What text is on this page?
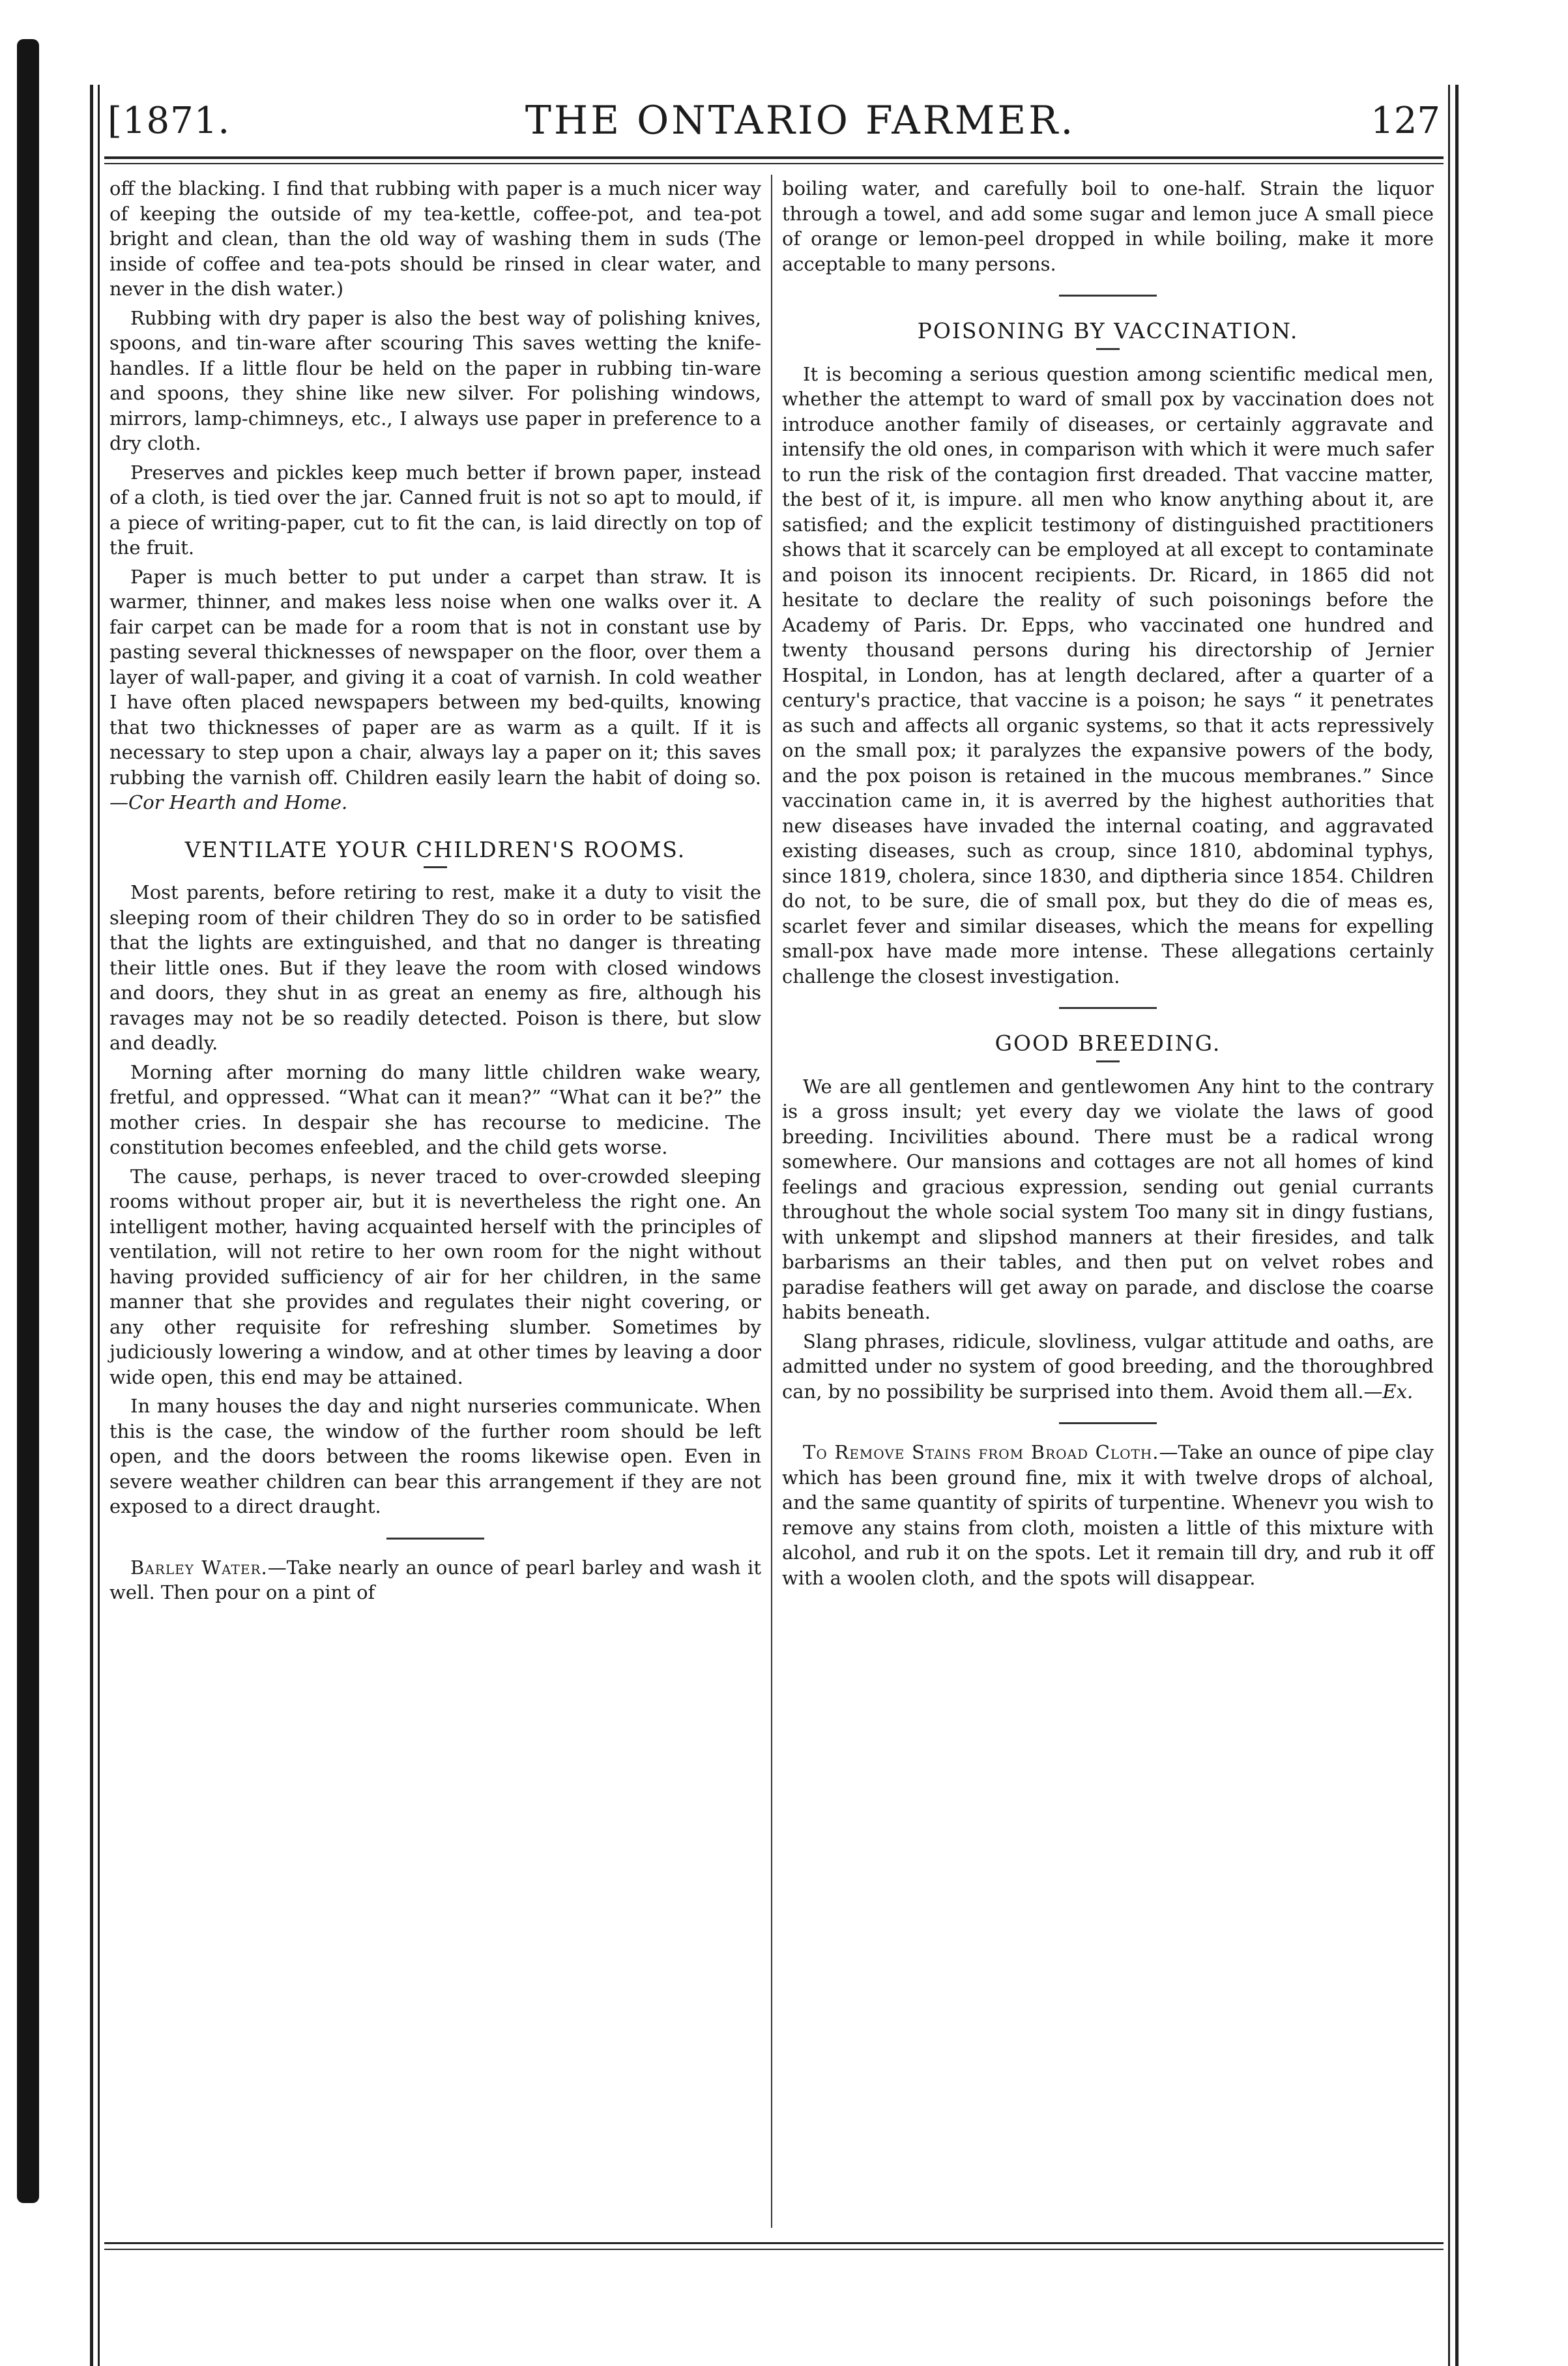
[1871.	THE ONTARIO FARMER.	127

off the blacking. I find that rubbing with paper is a much nicer way of keeping the outside of my tea-kettle, coffee-pot, and tea-pot bright and clean, than the old way of washing them in suds (The inside of coffee and tea-pots should be rinsed in clear water, and never in the dish water.)

Rubbing with dry paper is also the best way of polishing knives, spoons, and tin-ware after scouring This saves wetting the knife-handles. If a little flour be held on the paper in rubbing tin-ware and spoons, they shine like new silver. For polishing windows, mirrors, lamp-chimneys, etc., I always use paper in preference to a dry cloth.

Preserves and pickles keep much better if brown paper, instead of a cloth, is tied over the jar. Canned fruit is not so apt to mould, if a piece of writing-paper, cut to fit the can, is laid directly on top of the fruit.

Paper is much better to put under a carpet than straw. It is warmer, thinner, and makes less noise when one walks over it. A fair carpet can be made for a room that is not in constant use by pasting several thicknesses of newspaper on the floor, over them a layer of wall-paper, and giving it a coat of varnish. In cold weather I have often placed newspapers between my bed-quilts, knowing that two thicknesses of paper are as warm as a quilt. If it is necessary to step upon a chair, always lay a paper on it; this saves rubbing the varnish off. Children easily learn the habit of doing so.—Cor Hearth and Home.

VENTILATE YOUR CHILDREN'S ROOMS.

Most parents, before retiring to rest, make it a duty to visit the sleeping room of their children They do so in order to be satisfied that the lights are extinguished, and that no danger is threating their little ones. But if they leave the room with closed windows and doors, they shut in as great an enemy as fire, although his ravages may not be so readily detected. Poison is there, but slow and deadly.

Morning after morning do many little children wake weary, fretful, and oppressed. “What can it mean?” “What can it be?” the mother cries. In despair she has recourse to medicine. The constitution becomes enfeebled, and the child gets worse.

The cause, perhaps, is never traced to over-crowded sleeping rooms without proper air, but it is nevertheless the right one. An intelligent mother, having acquainted herself with the principles of ventilation, will not retire to her own room for the night without having provided sufficiency of air for her children, in the same manner that she provides and regulates their night covering, or any other requisite for refreshing slumber. Sometimes by judiciously lowering a window, and at other times by leaving a door wide open, this end may be attained.

In many houses the day and night nurseries communicate. When this is the case, the window of the further room should be left open, and the doors between the rooms likewise open. Even in severe weather children can bear this arrangement if they are not exposed to a direct draught.

Barley Water.—Take nearly an ounce of pearl barley and wash it well. Then pour on a pint of

boiling water, and carefully boil to one-half. Strain the liquor through a towel, and add some sugar and lemon juce A small piece of orange or lemon-peel dropped in while boiling, make it more acceptable to many persons.

POISONING BY VACCINATION.

It is becoming a serious question among scientific medical men, whether the attempt to ward of small pox by vaccination does not introduce another family of diseases, or certainly aggravate and intensify the old ones, in comparison with which it were much safer to run the risk of the contagion first dreaded. That vaccine matter, the best of it, is impure. all men who know anything about it, are satisfied; and the explicit testimony of distinguished practitioners shows that it scarcely can be employed at all except to contaminate and poison its innocent recipients. Dr. Ricard, in 1865 did not hesitate to declare the reality of such poisonings before the Academy of Paris. Dr. Epps, who vaccinated one hundred and twenty thousand persons during his directorship of Jernier Hospital, in London, has at length declared, after a quarter of a century's practice, that vaccine is a poison; he says “ it penetrates as such and affects all organic systems, so that it acts repressively on the small pox; it paralyzes the expansive powers of the body, and the pox poison is retained in the mucous membranes.” Since vaccination came in, it is averred by the highest authorities that new diseases have invaded the internal coating, and aggravated existing diseases, such as croup, since 1810, abdominal typhys, since 1819, cholera, since 1830, and diptheria since 1854. Children do not, to be sure, die of small pox, but they do die of meas es, scarlet fever and similar diseases, which the means for expelling small-pox have made more intense. These allegations certainly challenge the closest investigation.

GOOD BREEDING.

We are all gentlemen and gentlewomen Any hint to the contrary is a gross insult; yet every day we violate the laws of good breeding. Incivilities abound. There must be a radical wrong somewhere. Our mansions and cottages are not all homes of kind feelings and gracious expression, sending out genial currants throughout the whole social system Too many sit in dingy fustians, with unkempt and slipshod manners at their firesides, and talk barbarisms an their tables, and then put on velvet robes and paradise feathers will get away on parade, and disclose the coarse habits beneath.

Slang phrases, ridicule, slovliness, vulgar attitude and oaths, are admitted under no system of good breeding, and the thoroughbred can, by no possibility be surprised into them. Avoid them all.—Ex.

To Remove Stains from Broad Cloth.—Take an ounce of pipe clay which has been ground fine, mix it with twelve drops of alchoal, and the same quantity of spirits of turpentine. Whenevr you wish to remove any stains from cloth, moisten a little of this mixture with alcohol, and rub it on the spots. Let it remain till dry, and rub it off with a woolen cloth, and the spots will disappear.
